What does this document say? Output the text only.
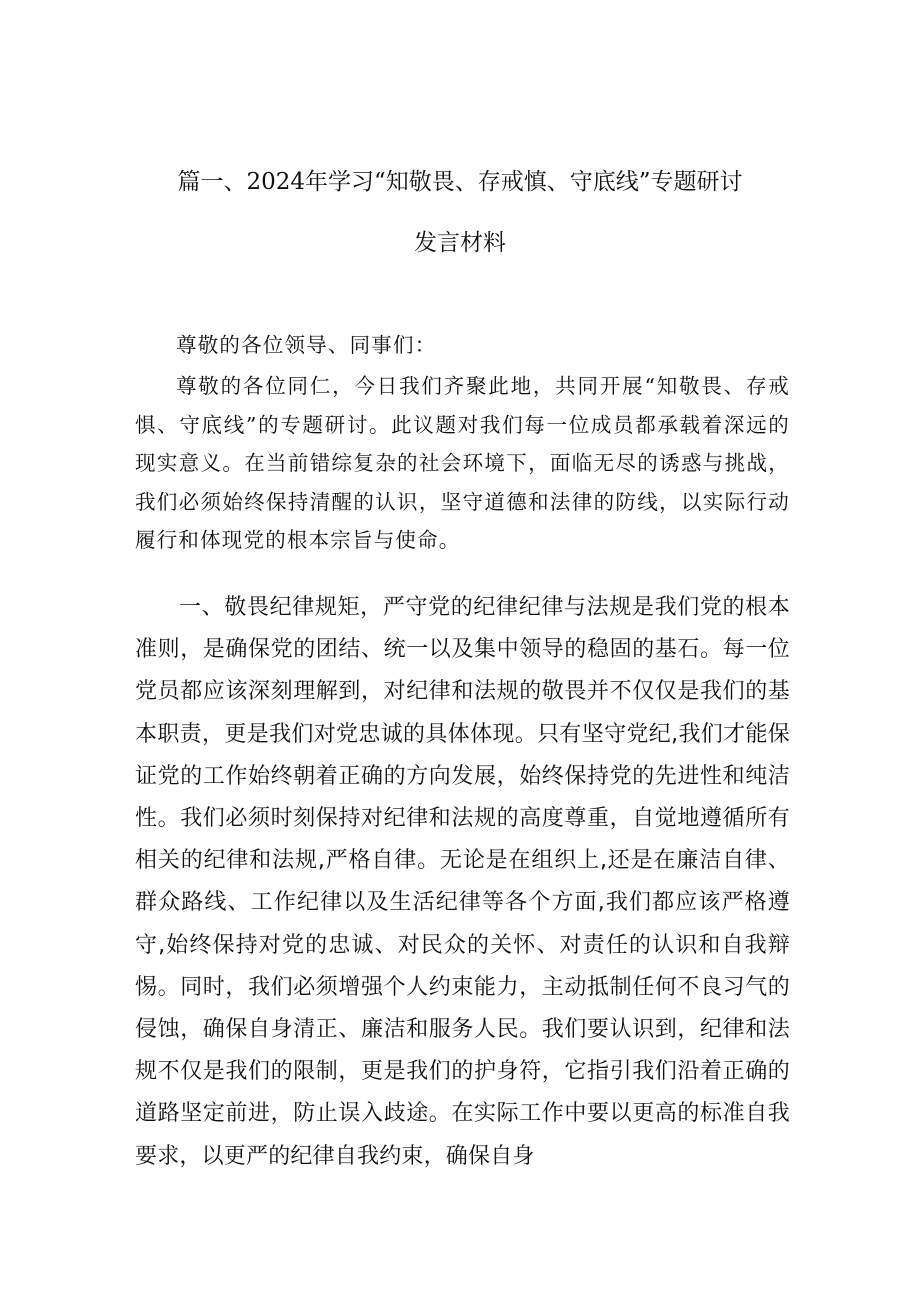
篇一、2024年学习“知敬畏、存戒慎、守底线”专题研讨
发言材料

尊敬的各位领导、同事们：

尊敬的各位同仁，今日我们齐聚此地，共同开展“知敬畏、存戒惧、守底线”的专题研讨。此议题对我们每一位成员都承载着深远的现实意义。在当前错综复杂的社会环境下，面临无尽的诱惑与挑战，我们必须始终保持清醒的认识，坚守道德和法律的防线，以实际行动履行和体现党的根本宗旨与使命。

一、敬畏纪律规矩，严守党的纪律纪律与法规是我们党的根本准则，是确保党的团结、统一以及集中领导的稳固的基石。每一位党员都应该深刻理解到，对纪律和法规的敬畏并不仅仅是我们的基本职责，更是我们对党忠诚的具体体现。只有坚守党纪,我们才能保证党的工作始终朝着正确的方向发展，始终保持党的先进性和纯洁性。我们必须时刻保持对纪律和法规的高度尊重，自觉地遵循所有相关的纪律和法规,严格自律。无论是在组织上,还是在廉洁自律、群众路线、工作纪律以及生活纪律等各个方面,我们都应该严格遵守,始终保持对党的忠诚、对民众的关怀、对责任的认识和自我辩惕。同时，我们必须增强个人约束能力，主动抵制任何不良习气的侵蚀，确保自身清正、廉洁和服务人民。我们要认识到，纪律和法规不仅是我们的限制，更是我们的护身符，它指引我们沿着正确的道路坚定前进，防止误入歧途。在实际工作中要以更高的标准自我要求，以更严的纪律自我约束，确保自身
